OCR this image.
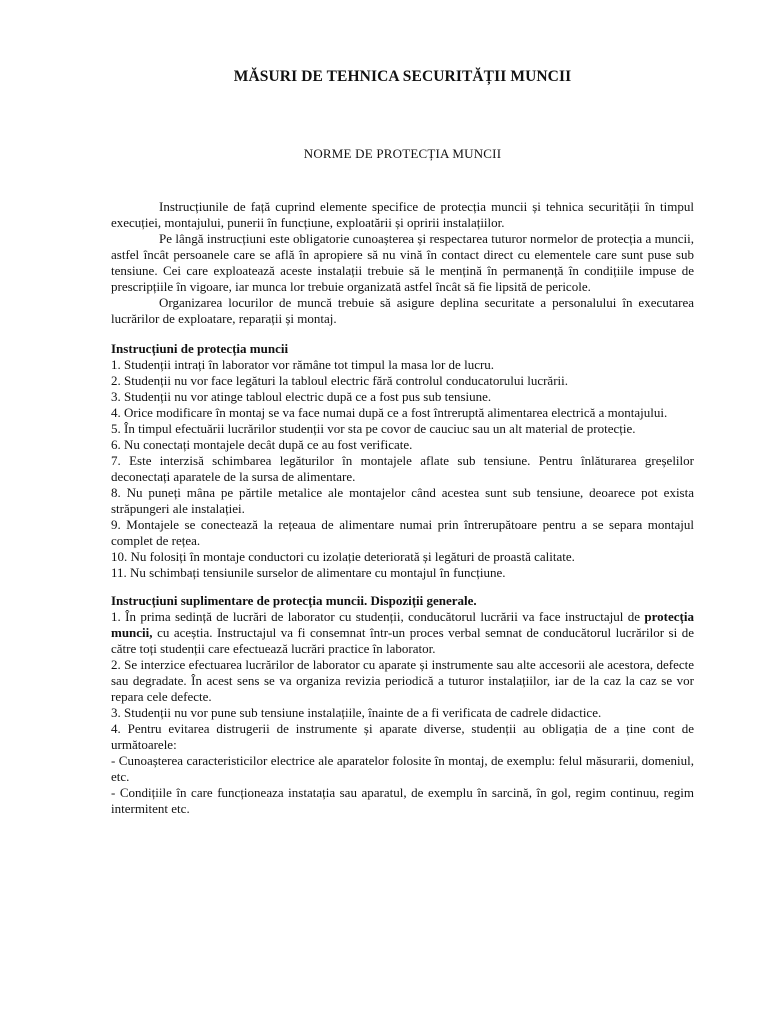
MĂSURI DE TEHNICA SECURITĂȚII MUNCII
NORME DE PROTECȚIA MUNCII

Instrucțiunile de față cuprind elemente specifice de protecția muncii și tehnica securității în timpul execuției, montajului, punerii în funcțiune, exploatării și opririi instalațiilor.

Pe lângă instrucțiuni este obligatorie cunoașterea și respectarea tuturor normelor de protecția a muncii, astfel încât persoanele care se află în apropiere să nu vină în contact direct cu elementele care sunt puse sub tensiune. Cei care exploatează aceste instalații trebuie să le mențină în permanență în condițiile impuse de prescripțiile în vigoare, iar munca lor trebuie organizată astfel încât să fie lipsită de pericole.

Organizarea locurilor de muncă trebuie să asigure deplina securitate a personalului în executarea lucrărilor de exploatare, reparații și montaj.

Instrucțiuni de protecția muncii

1. Studenții intrați în laborator vor rămâne tot timpul la masa lor de lucru.

2. Studenții nu vor face legături la tabloul electric fără controlul conducatorului lucrării.

3. Studenții nu vor atinge tabloul electric după ce a fost pus sub tensiune.

4. Orice modificare în montaj se va face numai după ce a fost întreruptă alimentarea electrică a montajului.

5. În timpul efectuării lucrărilor studenții vor sta pe covor de cauciuc sau un alt material de protecție.

6. Nu conectați montajele decât după ce au fost verificate.

7. Este interzisă schimbarea legăturilor în montajele aflate sub tensiune. Pentru înlăturarea greșelilor deconectați aparatele de la sursa de alimentare.

8. Nu puneți mâna pe părtile metalice ale montajelor când acestea sunt sub tensiune, deoarece pot exista străpungeri ale instalației.

9. Montajele se conectează la rețeaua de alimentare numai prin întrerupătoare pentru a se separa montajul complet de rețea.

10. Nu folosiți în montaje conductori cu izolație deteriorată și legături de proastă calitate.

11. Nu schimbați tensiunile surselor de alimentare cu montajul în funcțiune.

Instrucțiuni suplimentare de protecția muncii. Dispoziții generale.

1. În prima sedință de lucrări de laborator cu studenții, conducătorul lucrării va face instructajul de protecția muncii, cu aceștia. Instructajul va fi consemnat într-un proces verbal semnat de conducătorul lucrărilor si de către toți studenții care efectuează lucrări practice în laborator.

2. Se interzice efectuarea lucrărilor de laborator cu aparate și instrumente sau alte accesorii ale acestora, defecte sau degradate. În acest sens se va organiza revizia periodică a tuturor instalațiilor, iar de la caz la caz se vor repara cele defecte.

3. Studenții nu vor pune sub tensiune instalațiile, înainte de a fi verificata de cadrele didactice.

4. Pentru evitarea distrugerii de instrumente și aparate diverse, studenții au obligația de a ține cont de următoarele:

- Cunoașterea caracteristicilor electrice ale aparatelor folosite în montaj, de exemplu: felul măsurarii, domeniul, etc.

- Condițiile în care funcționeaza instatația sau aparatul, de exemplu în sarcină, în gol, regim continuu, regim intermitent etc.
